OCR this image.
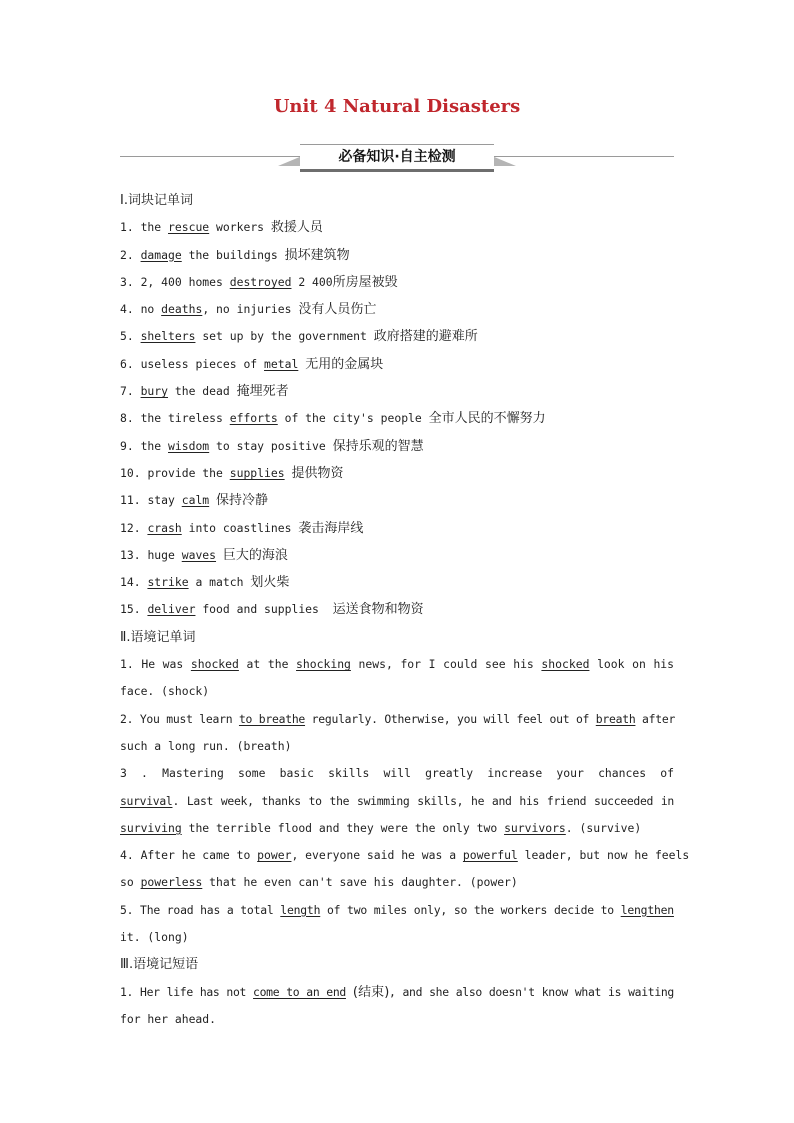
Unit 4 Natural Disasters
必备知识·自主检测
Ⅰ.词块记单词
1. the rescue workers 救援人员
2. damage the buildings 损坏建筑物
3. 2, 400 homes destroyed 2 400所房屋被毁
4. no deaths, no injuries 没有人员伤亡
5. shelters set up by the government 政府搭建的避难所
6. useless pieces of metal 无用的金属块
7. bury the dead 掩埋死者
8. the tireless efforts of the city's people 全市人民的不懈努力
9. the wisdom to stay positive 保持乐观的智慧
10. provide the supplies 提供物资
11. stay calm 保持冷静
12. crash into coastlines 袭击海岸线
13. huge waves 巨大的海浪
14. strike a match 划火柴
15. deliver food and supplies 运送食物和物资
Ⅱ.语境记单词
1. He was shocked at the shocking news, for I could see his shocked look on his
face. (shock)
2. You must learn to breathe regularly. Otherwise, you will feel out of breath after
such a long run. (breath)
3 . Mastering some basic skills will greatly increase your chances of
survival. Last week, thanks to the swimming skills, he and his friend succeeded in
surviving the terrible flood and they were the only two survivors. (survive)
4. After he came to power, everyone said he was a powerful leader, but now he feels
so powerless that he even can't save his daughter. (power)
5. The road has a total length of two miles only, so the workers decide to lengthen
it. (long)
Ⅲ.语境记短语
1. Her life has not come to an end (结束), and she also doesn't know what is waiting
for her ahead.
